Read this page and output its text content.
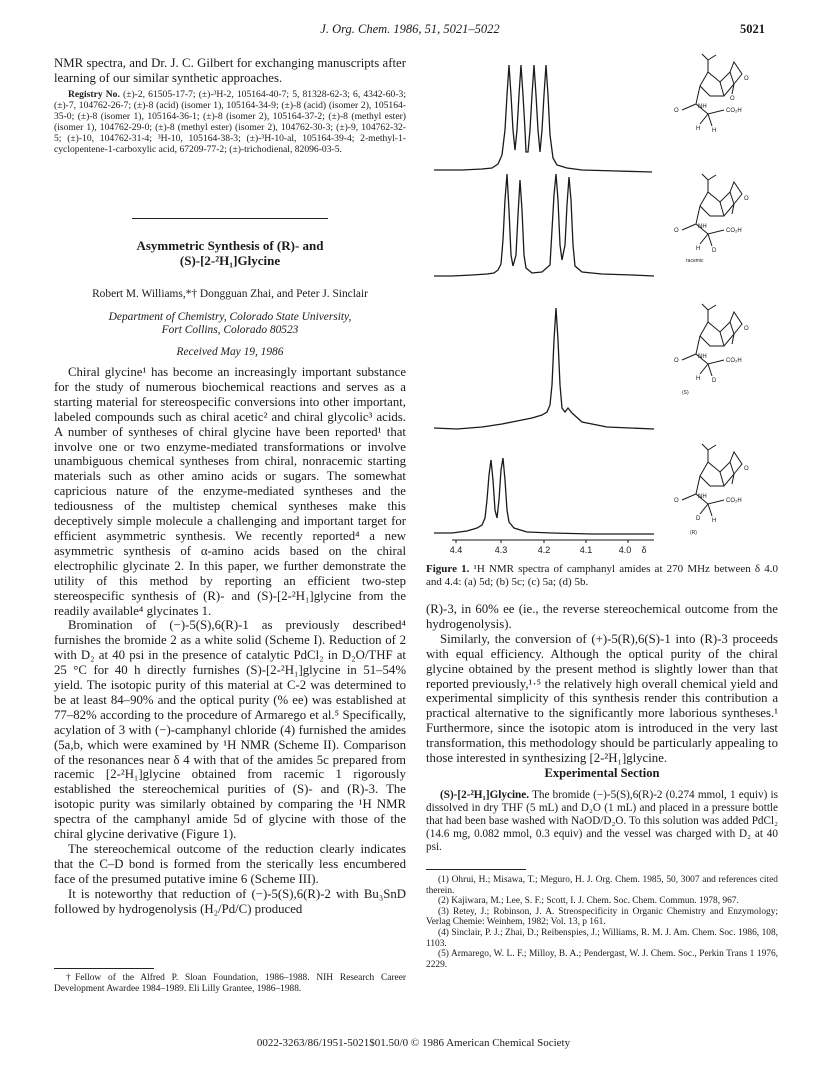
J. Org. Chem. 1986, 51, 5021–5022	5021

NMR spectra, and Dr. J. C. Gilbert for exchanging manuscripts after learning of our similar synthetic approaches.

Registry No. (±)-2, 61505-17-7; (±)-³H-2, 105164-40-7; 5, 81328-62-3; 6, 4342-60-3; (±)-7, 104762-26-7; (±)-8 (acid) (isomer 1), 105164-34-9; (±)-8 (acid) (isomer 2), 105164-35-0; (±)-8 (isomer 1), 105164-36-1; (±)-8 (isomer 2), 105164-37-2; (±)-8 (methyl ester) (isomer 1), 104762-29-0; (±)-8 (methyl ester) (isomer 2), 104762-30-3; (±)-9, 104762-32-5; (±)-10, 104762-31-4; ³H-10, 105164-38-3; (±)-³H-10-al, 105164-39-4; 2-methyl-1-cyclopentene-1-carboxylic acid, 67209-77-2; (±)-trichodienal, 82096-03-5.

Asymmetric Synthesis of (R)- and
(S)-[2-²H₁]Glycine
Robert M. Williams,*† Dongguan Zhai, and Peter J. Sinclair
Department of Chemistry, Colorado State University,
Fort Collins, Colorado 80523
Received May 19, 1986

Chiral glycine¹ has become an increasingly important substance for the study of numerous biochemical reactions and serves as a starting material for stereospecific conversions into other important, labeled compounds such as chiral acetic² and chiral glycolic³ acids. A number of syntheses of chiral glycine have been reported¹ that involve one or two enzyme-mediated transformations or involve unambiguous chemical syntheses from chiral, nonracemic starting materials such as other amino acids or sugars. The somewhat capricious nature of the enzyme-mediated syntheses and the tediousness of the multistep chemical syntheses make this deceptively simple molecule a challenging and important target for efficient asymmetric synthesis. We recently reported⁴ a new asymmetric synthesis of α-amino acids based on the chiral electrophilic glycinate 2. In this paper, we further demonstrate the utility of this method by reporting an efficient two-step stereospecific synthesis of (R)- and (S)-[2-²H₁]glycine from the readily available⁴ glycinates 1.

Bromination of (−)-5(S),6(R)-1 as previously described⁴ furnishes the bromide 2 as a white solid (Scheme I). Reduction of 2 with D₂ at 40 psi in the presence of catalytic PdCl₂ in D₂O/THF at 25 °C for 40 h directly furnishes (S)-[2-²H₁]glycine in 51–54% yield. The isotopic purity of this material at C-2 was determined to be at least 84–90% and the optical purity (% ee) was established at 77–82% according to the procedure of Armarego et al.⁵ Specifically, acylation of 3 with (−)-camphanyl chloride (4) furnished the amides (5a,b, which were examined by ¹H NMR (Scheme II). Comparison of the resonances near δ 4 with that of the amides 5c prepared from racemic [2-²H₁]glycine obtained from racemic 1 rigorously established the stereochemical purities of (S)- and (R)-3. The isotopic purity was similarly obtained by comparing the ¹H NMR spectra of the camphanyl amide 5d of glycine with those of the chiral glycine derivative (Figure 1).

The stereochemical outcome of the reduction clearly indicates that the C–D bond is formed from the sterically less encumbered face of the presumed putative imine 6 (Scheme III).

It is noteworthy that reduction of (−)-5(S),6(R)-2 with Bu₃SnD followed by hydrogenolysis (H₂/Pd/C) produced

†Fellow of the Alfred P. Sloan Foundation, 1986–1988. NIH Research Career Development Awardee 1984–1989. Eli Lilly Grantee, 1986–1988.
4.4	4.3	4.2	4.1	4.0 δ
O
O
O
NH
CO₂H
H H
O
O
NH
CO₂H
H D
racemic
O
O
NH
CO₂H
H D
(S)
O
O
NH
CO₂H
D H
(R)

Figure 1. ¹H NMR spectra of camphanyl amides at 270 MHz between δ 4.0 and 4.4: (a) 5d; (b) 5c; (c) 5a; (d) 5b.

(R)-3, in 60% ee (ie., the reverse stereochemical outcome from the hydrogenolysis).

Similarly, the conversion of (+)-5(R),6(S)-1 into (R)-3 proceeds with equal efficiency. Although the optical purity of the chiral glycine obtained by the present method is slightly lower than that reported previously,¹·⁵ the relatively high overall chemical yield and experimental simplicity of this synthesis render this contribution a practical alternative to the significantly more laborious syntheses.¹ Furthermore, since the isotopic atom is introduced in the very last transformation, this methodology should be particularly appealing to those interested in synthesizing [2-²H₁]glycine.

Experimental Section

(S)-[2-²H₁]Glycine. The bromide (−)-5(S),6(R)-2 (0.274 mmol, 1 equiv) is dissolved in dry THF (5 mL) and D₂O (1 mL) and placed in a pressure bottle that had been base washed with NaOD/D₂O. To this solution was added PdCl₂ (14.6 mg, 0.082 mmol, 0.3 equiv) and the vessel was charged with D₂ at 40 psi.

(1) Ohrui, H.; Misawa, T.; Meguro, H. J. Org. Chem. 1985, 50, 3007 and references cited therein.
(2) Kajiwara, M.; Lee, S. F.; Scott, I. J. Chem. Soc. Chem. Commun. 1978, 967.
(3) Retey, J.; Robinson, J. A. Streospecificity in Organic Chemistry and Enzymology; Verlag Chemie: Weinhem, 1982; Vol. 13, p 161.
(4) Sinclair, P. J.; Zhai, D.; Reibenspies, J.; Williams, R. M. J. Am. Chem. Soc. 1986, 108, 1103.
(5) Armarego, W. L. F.; Milloy, B. A.; Pendergast, W. J. Chem. Soc., Perkin Trans 1 1976, 2229.
0022-3263/86/1951-5021$01.50/0 © 1986 American Chemical Society
